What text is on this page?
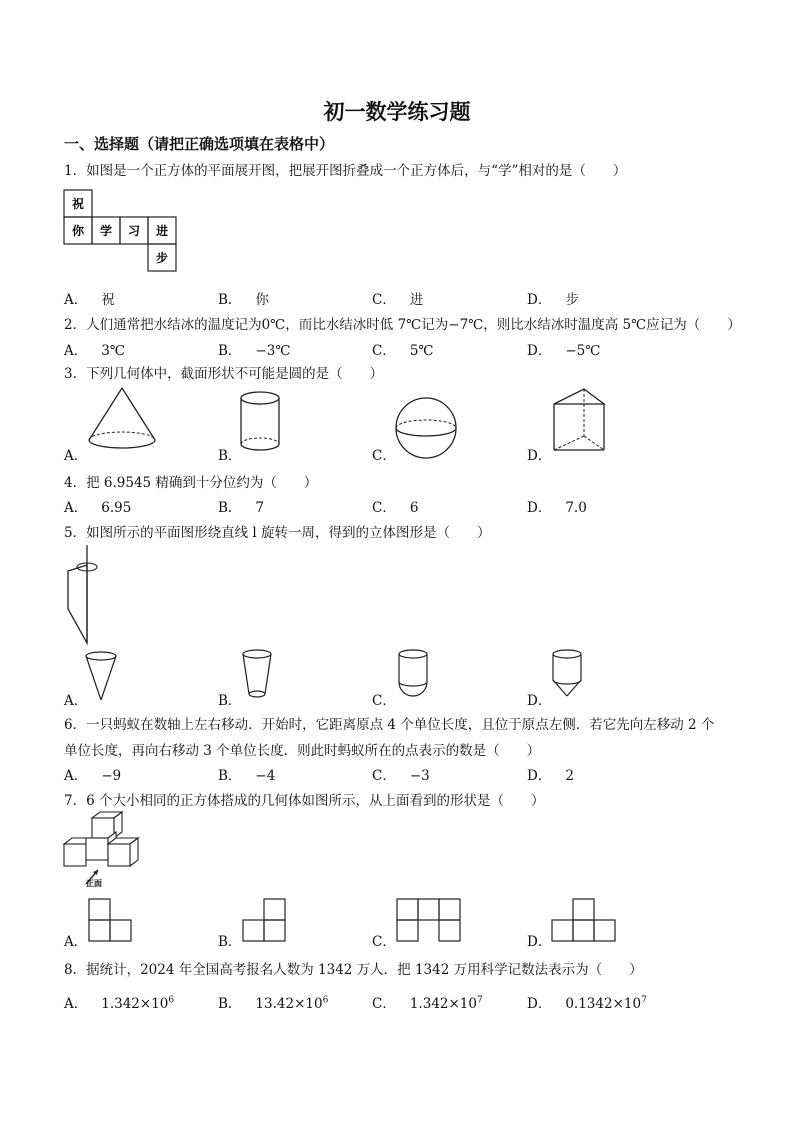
初一数学练习题
一、选择题（请把正确选项填在表格中）
1．如图是一个正方体的平面展开图，把展开图折叠成一个正方体后，与“学”相对的是（　　）
祝
你 学 习 进
步
A． 祝	B． 你	C． 进	D． 步
2．人们通常把水结冰的温度记为0℃，而比水结冰时低 7℃记为−7℃，则比水结冰时温度高 5℃应记为（　　）
A． 3℃	B． −3℃	C． 5℃	D． −5℃
3．下列几何体中，截面形状不可能是圆的是（　　）
A．	B．	C．	D．
4．把 6.9545 精确到十分位约为（　　）
A． 6.95	B． 7	C． 6	D． 7.0
5．如图所示的平面图形绕直线 l 旋转一周，得到的立体图形是（　　）
A．	B．	C．	D．
6．一只蚂蚁在数轴上左右移动．开始时，它距离原点 4 个单位长度，且位于原点左侧．若它先向左移动 2 个
单位长度，再向右移动 3 个单位长度．则此时蚂蚁所在的点表示的数是（　　）
A． −9	B． −4	C． −3	D． 2
7．6 个大小相同的正方体搭成的几何体如图所示，从上面看到的形状是（　　）
正面
A．	B．	C．	D．
8．据统计，2024 年全国高考报名人数为 1342 万人．把 1342 万用科学记数法表示为（　　）
A． $1.342\times 10^6$	B． $13.42\times 10^6$	C． $1.342\times 10^7$	D． $0.1342\times 10^7$
